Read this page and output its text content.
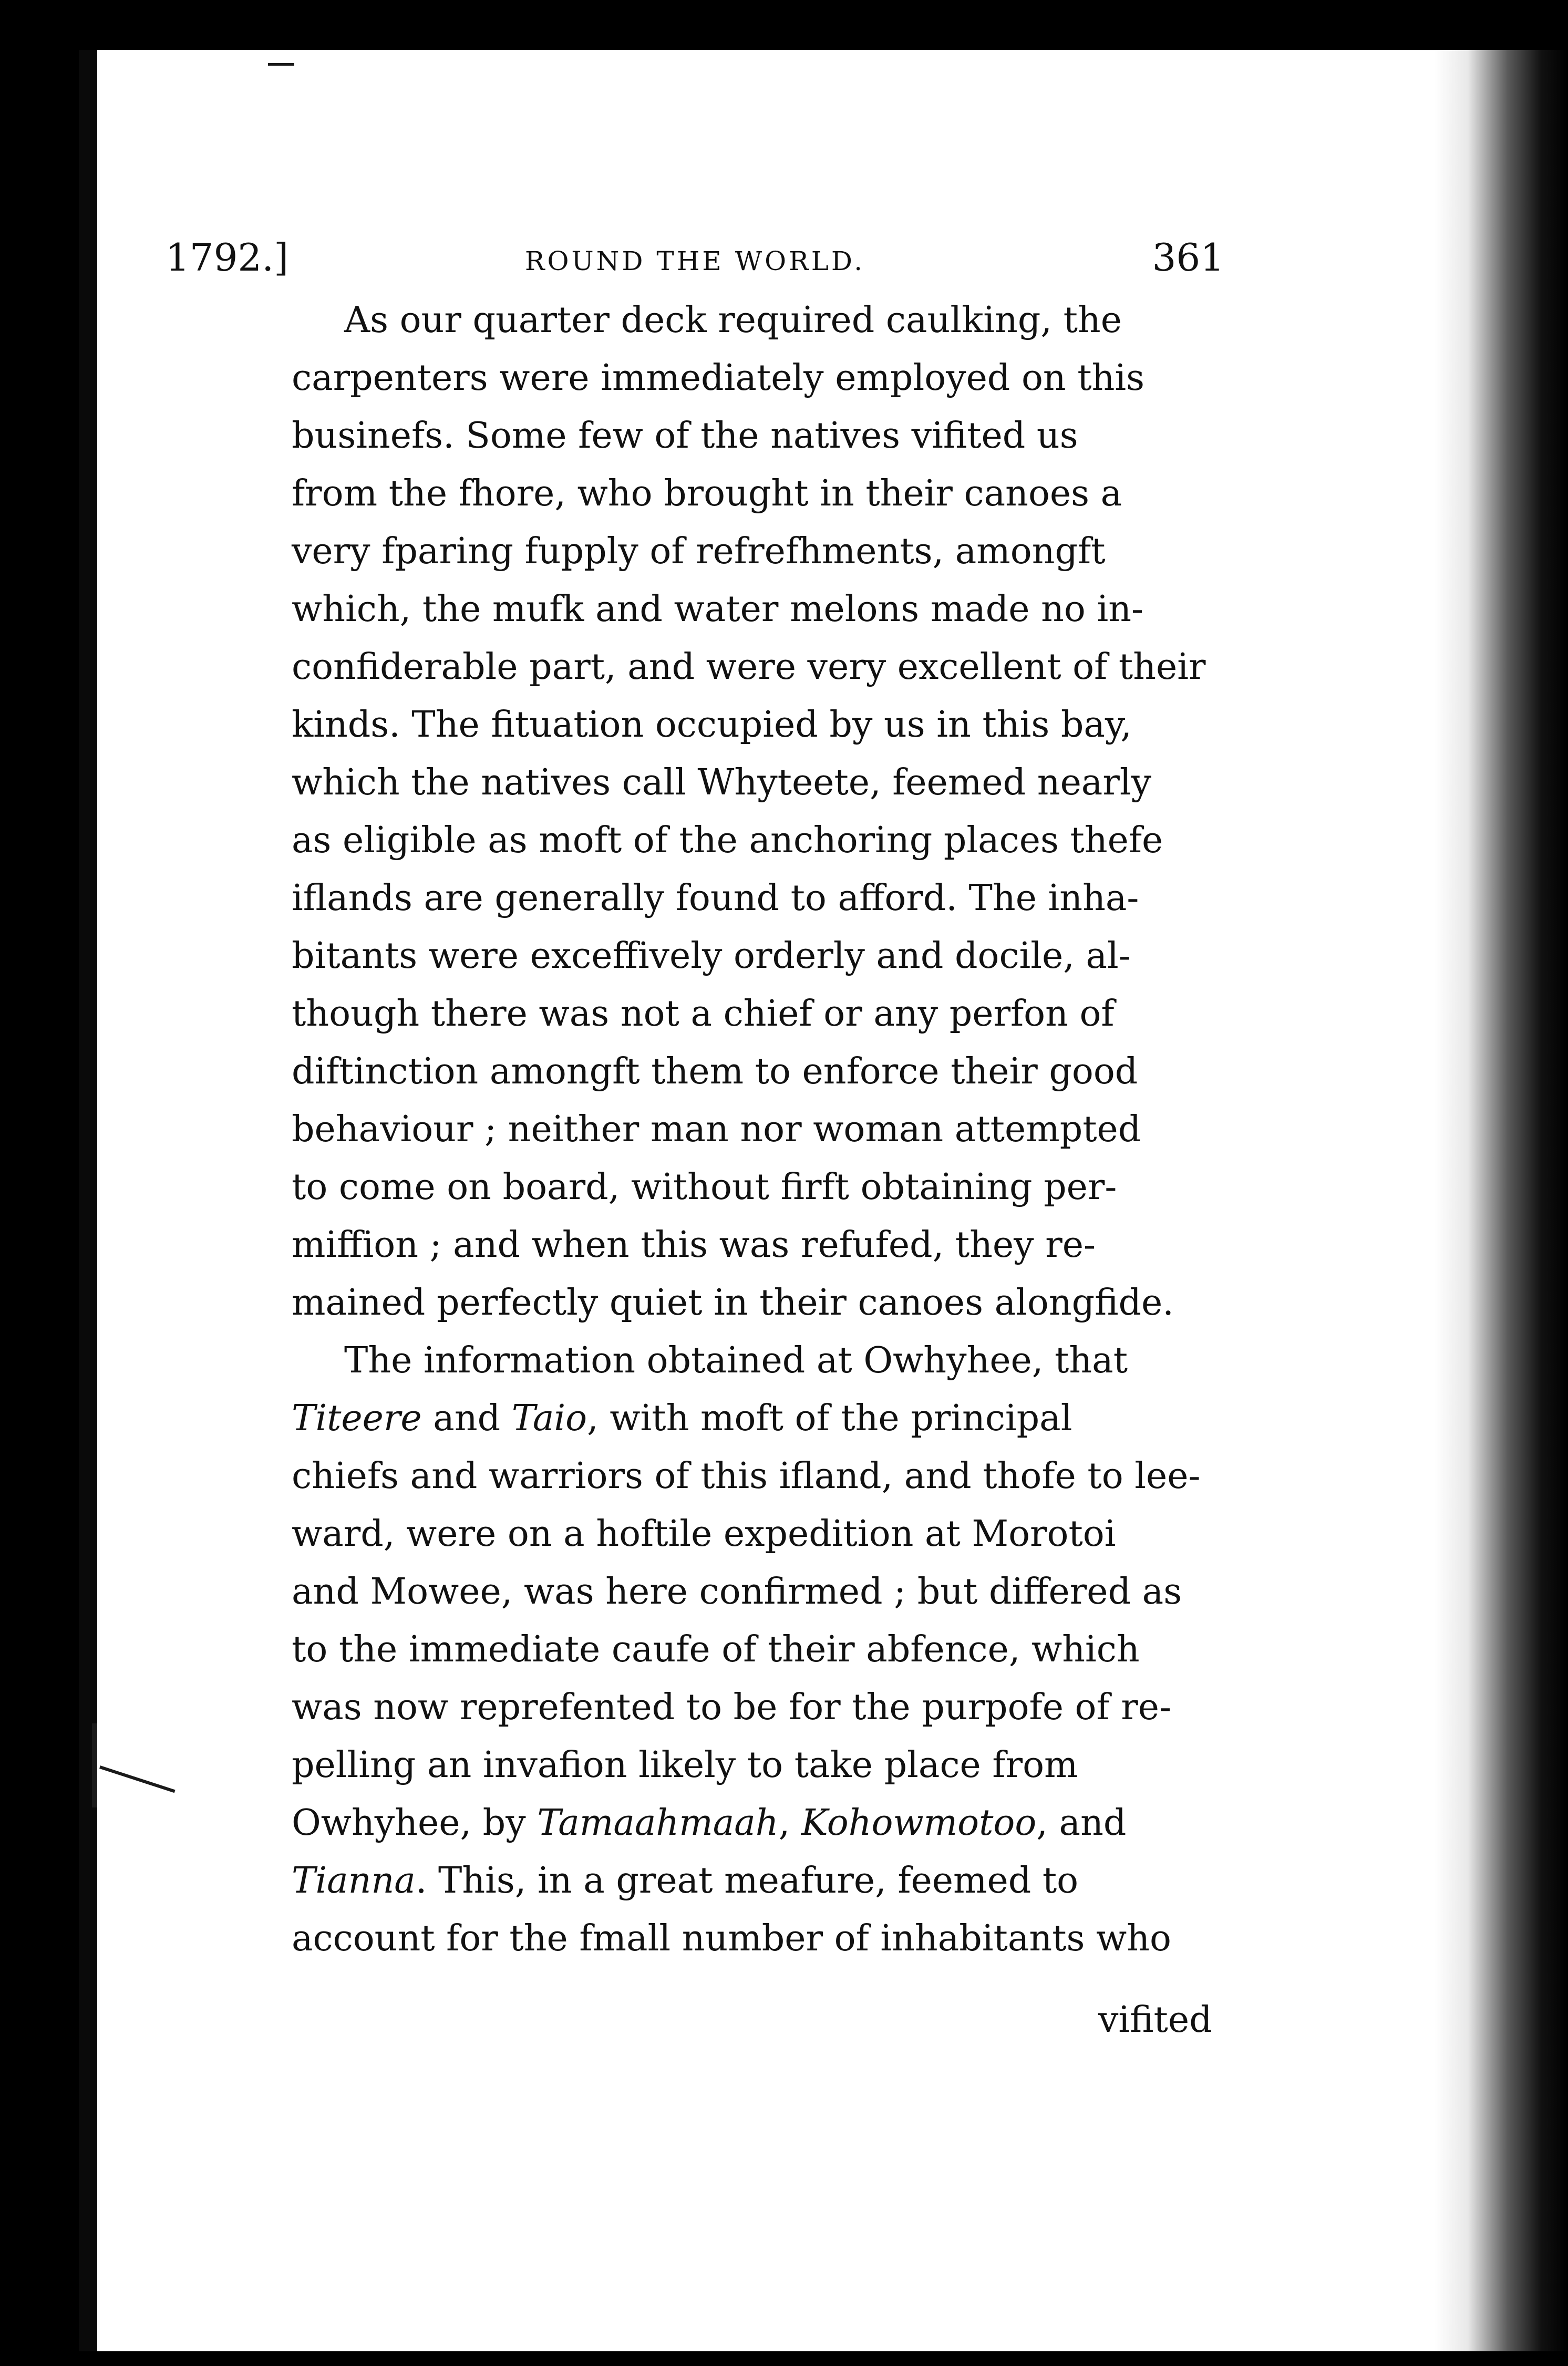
1792.]	ROUND THE WORLD.	361
As our quarter deck required caulking, the
carpenters were immediately employed on this
businefs. Some few of the natives vifited us
from the fhore, who brought in their canoes a
very fparing fupply of refrefhments, amongft
which, the mufk and water melons made no in-
confiderable part, and were very excellent of their
kinds. The fituation occupied by us in this bay,
which the natives call Whyteete, feemed nearly
as eligible as moft of the anchoring places thefe
iflands are generally found to afford. The inha-
bitants were exceffively orderly and docile, al-
though there was not a chief or any perfon of
diftinction amongft them to enforce their good
behaviour ; neither man nor woman attempted
to come on board, without firft obtaining per-
miffion ; and when this was refufed, they re-
mained perfectly quiet in their canoes alongfide.
The information obtained at Owhyhee, that
Titeere and Taio, with moft of the principal
chiefs and warriors of this ifland, and thofe to lee-
ward, were on a hoftile expedition at Morotoi
and Mowee, was here confirmed ; but differed as
to the immediate caufe of their abfence, which
was now reprefented to be for the purpofe of re-
pelling an invafion likely to take place from
Owhyhee, by Tamaahmaah, Kohowmotoo, and
Tianna. This, in a great meafure, feemed to
account for the fmall number of inhabitants who
vifited
